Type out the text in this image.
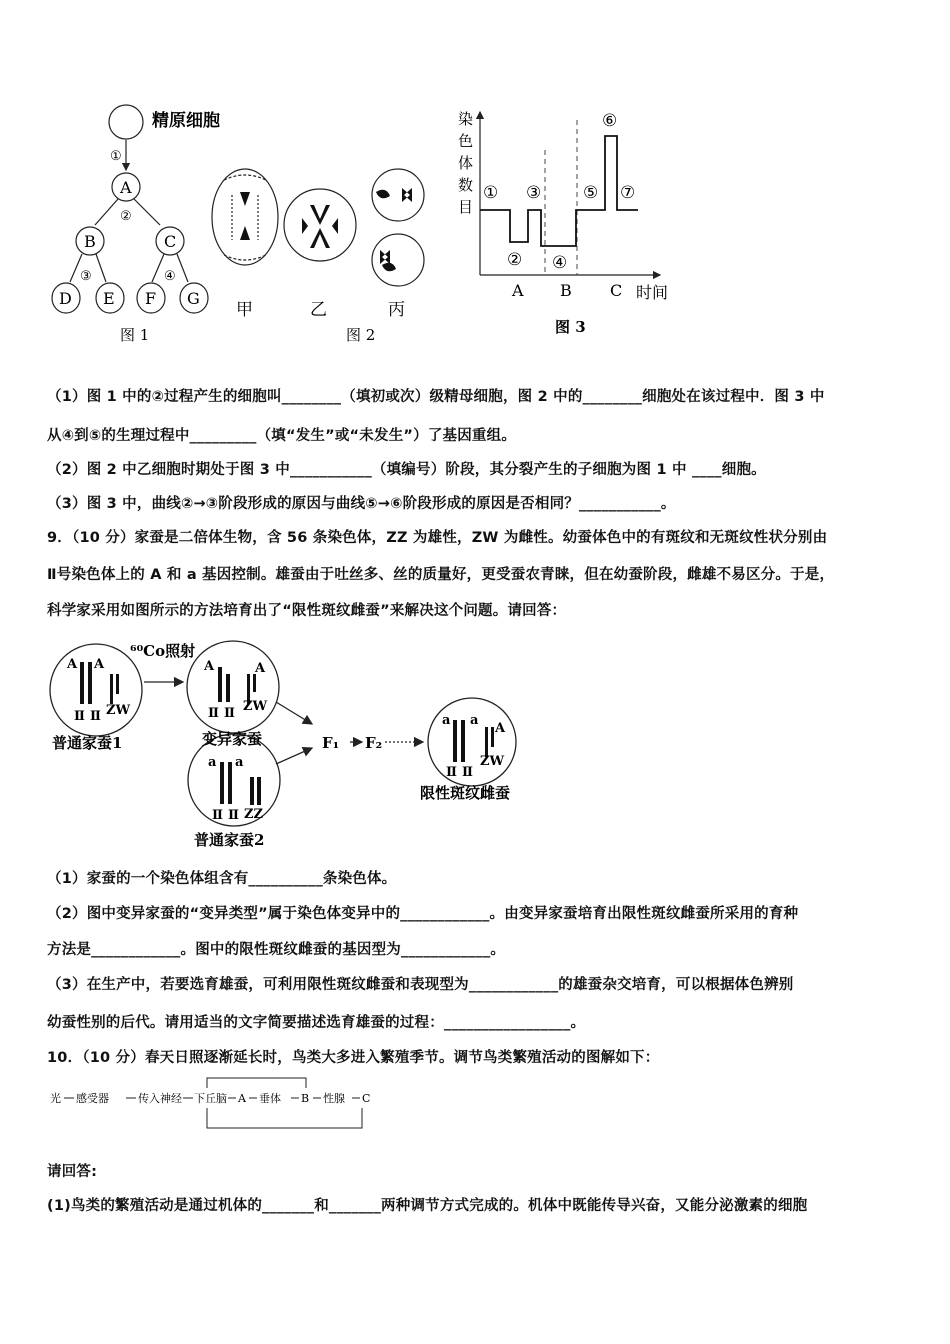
精原细胞
①
②
③	④
A
B	C
D E F G
图 1
甲	乙	丙
图 2
染色体数目
①
②
③
④
⑤
⑥
⑦
A B C 时间
图 3
（1）图 1 中的②过程产生的细胞叫________（填初或次）级精母细胞，图 2 中的________细胞处在该过程中．图 3 中
从④到⑤的生理过程中_________（填“发生”或“未发生”）了基因重组。
（2）图 2 中乙细胞时期处于图 3 中___________（填编号）阶段，其分裂产生的子细胞为图 1 中 ____细胞。
（3）图 3 中，曲线②→③阶段形成的原因与曲线⑤→⑥阶段形成的原因是否相同？___________。
9．（10 分）家蚕是二倍体生物，含 56 条染色体，ZZ 为雄性，ZW 为雌性。幼蚕体色中的有斑纹和无斑纹性状分别由
Ⅱ号染色体上的 A 和 a 基因控制。雄蚕由于吐丝多、丝的质量好，更受蚕农青睐，但在幼蚕阶段，雌雄不易区分。于是，
科学家采用如图所示的方法培育出了“限性斑纹雌蚕”来解决这个问题。请回答：
A A	A	A
a a
a a
A
Ⅱ Ⅱ	Ⅱ Ⅱ
Ⅱ Ⅱ
Ⅱ Ⅱ
ZW	ZW
ZZ
ZW
⁶⁰Co照射
普通家蚕1	变异家蚕
普通家蚕2
限性斑纹雌蚕
F₁ F₂
（1）家蚕的一个染色体组含有__________条染色体。
（2）图中变异家蚕的“变异类型”属于染色体变异中的____________。由变异家蚕培育出限性斑纹雌蚕所采用的育种
方法是____________。图中的限性斑纹雌蚕的基因型为____________。
（3）在生产中，若要选育雄蚕，可利用限性斑纹雌蚕和表现型为____________的雄蚕杂交培育，可以根据体色辨别
幼蚕性别的后代。请用适当的文字简要描述选育雄蚕的过程：_________________。
10．（10 分）春天日照逐渐延长时，鸟类大多进入繁殖季节。调节鸟类繁殖活动的图解如下：
光 感受器	传入神经 下丘脑 A 垂体 B 性腺 C
请回答:
(1)鸟类的繁殖活动是通过机体的_______和_______两种调节方式完成的。机体中既能传导兴奋，又能分泌激素的细胞
